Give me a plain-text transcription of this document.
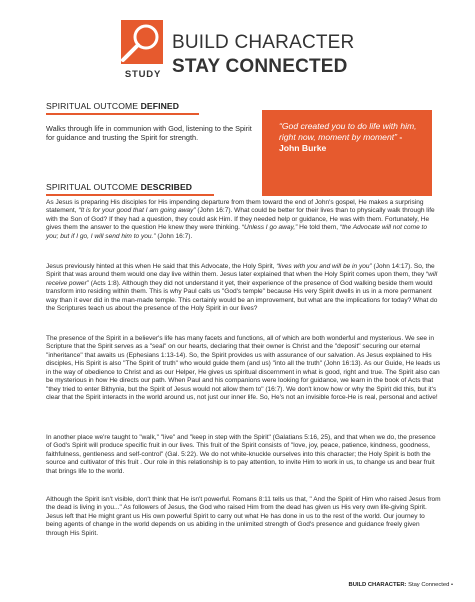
STUDY
BUILD CHARACTER
STAY CONNECTED
SPIRITUAL OUTCOME DEFINED
Walks through life in communion with God, listening to the Spirit for guidance and trusting the Spirit for strength.
“God created you to do life with him, right now, moment by moment” - John Burke
SPIRITUAL OUTCOME DESCRIBED
As Jesus is preparing His disciples for His impending departure from them toward the end of John's gospel, He makes a surprising statement, “It is for your good that I am going away” (John 16:7). What could be better for their lives than to physically walk through life with the Son of God? If they had a question, they could ask Him. If they needed help or guidance, He was with them. Fortunately, He gives them the answer to the question He knew they were thinking. “Unless I go away,” He told them, “the Advocate will not come to you; but if I go, I will send him to you.” (John 16:7).
Jesus previously hinted at this when He said that this Advocate, the Holy Spirit, “lives with you and will be in you” (John 14:17). So, the Spirit that was around them would one day live within them. Jesus later explained that when the Holy Spirit comes upon them, they “will receive power” (Acts 1:8). Although they did not understand it yet, their experience of the presence of God walking beside them would transform into residing within them. This is why Paul calls us "God's temple" because His very Spirit dwells in us in a more permanent way than it ever did in the man-made temple. This certainly would be an improvement, but what are the implications for today? What do the Scriptures teach us about the presence of the Holy Spirit in our lives?
The presence of the Spirit in a believer's life has many facets and functions, all of which are both wonderful and mysterious. We see in Scripture that the Spirit serves as a "seal" on our hearts, declaring that their owner is Christ and the "deposit" securing our eternal "inheritance" that awaits us (Ephesians 1:13-14). So, the Spirit provides us with assurance of our salvation. As Jesus explained to His disciples, His Spirit is also "The Spirit of truth" who would guide them (and us) "into all the truth" (John 16:13). As our Guide, He leads us in the way of obedience to Christ and as our Helper, He gives us spiritual discernment in what is good, right and true. The Spirit also can be mysterious in how He directs our path. When Paul and his companions were looking for guidance, we learn in the book of Acts that "they tried to enter Bithynia, but the Spirit of Jesus would not allow them to" (16:7). We don't know how or why the Spirit did this, but it's clear that the Spirit interacts in the world around us, not just our inner life. So, He's not an invisible force-He is real, personal and active!
In another place we're taught to "walk," "live" and "keep in step with the Spirit" (Galatians 5:16, 25), and that when we do, the presence of God's Spirit will produce specific fruit in our lives. This fruit of the Spirit consists of "love, joy, peace, patience, kindness, goodness, faithfulness, gentleness and self-control" (Gal. 5:22). We do not white-knuckle ourselves into this character; the Holy Spirit is both the source and cultivator of this fruit . Our role in this relationship is to pay attention, to invite Him to work in us, to change us and bear fruit that brings life to the world.
Although the Spirit isn't visible, don't think that He isn't powerful. Romans 8:11 tells us that, " And the Spirit of Him who raised Jesus from the dead is living in you..." As followers of Jesus, the God who raised Him from the dead has given us His very own life-giving Spirit. Jesus left that He might grant us His own powerful Spirit to carry out what He has done in us to the rest of the world. Our journey to being agents of change in the world depends on us abiding in the unlimited strength of God's presence and guidance freely given through His Spirit.
BUILD CHARACTER: Stay Connected •
